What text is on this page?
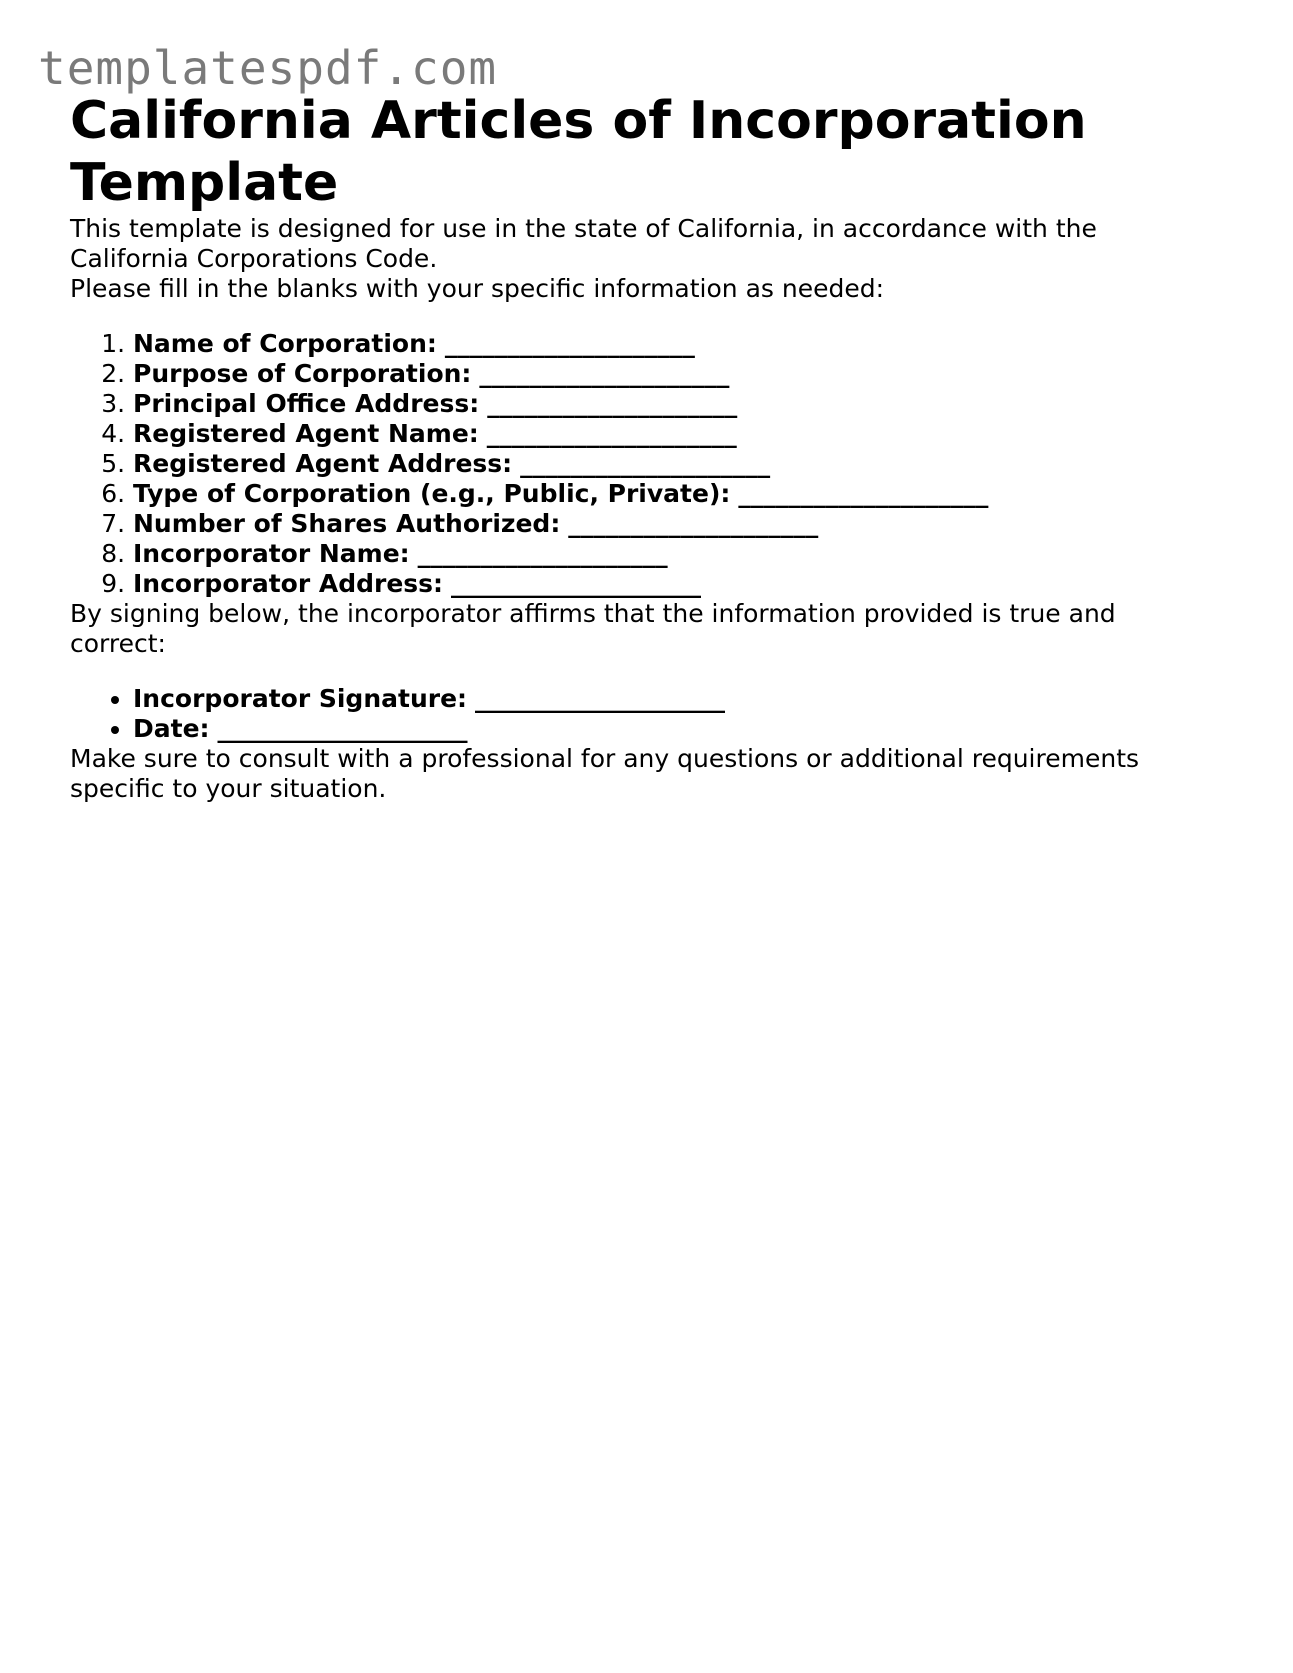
templatespdf.com
California Articles of Incorporation Template

This template is designed for use in the state of California, in accordance with the California Corporations Code.

Please fill in the blanks with your specific information as needed:

1. Name of Corporation: ____________________
2. Purpose of Corporation: ____________________
3. Principal Office Address: ____________________
4. Registered Agent Name: ____________________
5. Registered Agent Address: ____________________
6. Type of Corporation (e.g., Public, Private): ____________________
7. Number of Shares Authorized: ____________________
8. Incorporator Name: ____________________
9. Incorporator Address: ____________________

By signing below, the incorporator affirms that the information provided is true and correct:

• Incorporator Signature: ____________________
• Date: ____________________

Make sure to consult with a professional for any questions or additional requirements specific to your situation.
